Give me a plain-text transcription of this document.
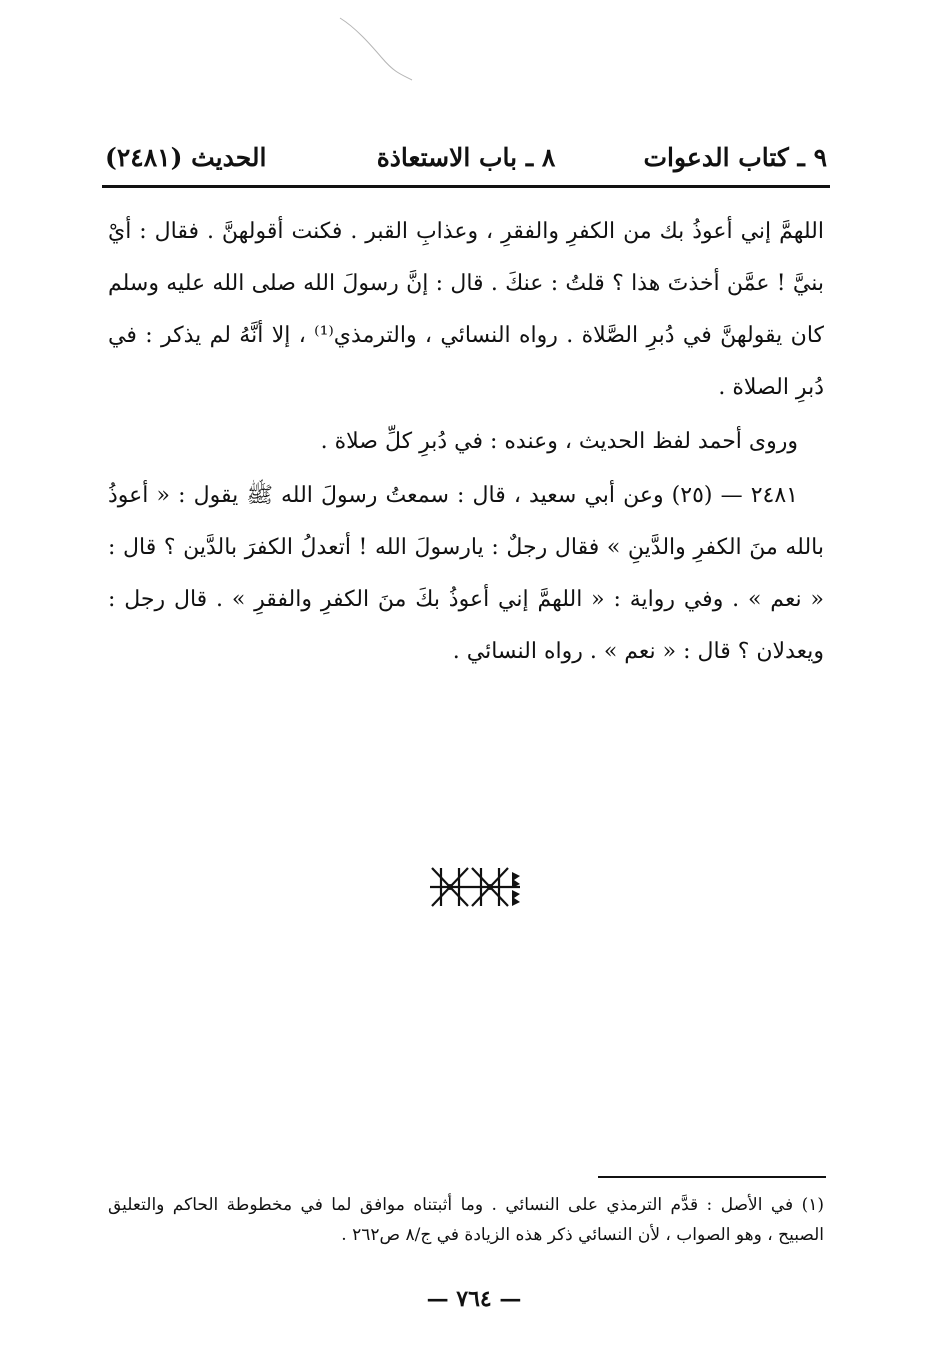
٩ ـ كتاب الدعوات
٨ ـ باب الاستعاذة
الحديث (٢٤٨١)

اللهمَّ إني أعوذُ بك من الكفرِ والفقرِ ، وعذابِ القبر . فكنت أقولهنَّ . فقال : أيْ بنيَّ ! عمَّن أخذتَ هذا ؟ قلتُ : عنكَ . قال : إنَّ رسولَ الله صلى الله عليه وسلم كان يقولهنَّ في دُبرِ الصَّلاة . رواه النسائي ، والترمذي⁽¹⁾ ، إلا أنَّهُ لم يذكر : في دُبرِ الصلاة .

وروى أحمد لفظ الحديث ، وعنده : في دُبرِ كلِّ صلاة .

٢٤٨١ — (٢٥) وعن أبي سعيد ، قال : سمعتُ رسولَ الله ﷺ يقول : « أعوذُ بالله منَ الكفرِ والدَّينِ » فقال رجلٌ : يارسولَ الله ! أتعدلُ الكفرَ بالدَّين ؟ قال : « نعم » . وفي رواية : « اللهمَّ إني أعوذُ بكَ منَ الكفرِ والفقرِ » . قال رجل : ويعدلان ؟ قال : « نعم » . رواه النسائي .

(١) في الأصل : قدَّم الترمذي على النسائي . وما أثبتناه موافق لما في مخطوطة الحاكم والتعليق الصبيح ، وهو الصواب ، لأن النسائي ذكر هذه الزيادة في ج/٨ ص٢٦٢ .

— ٧٦٤ —
